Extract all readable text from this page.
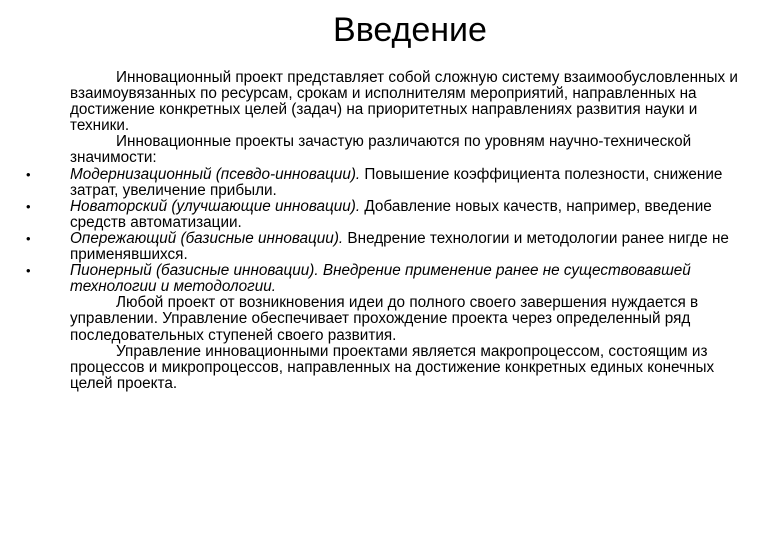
Введение

Инновационный проект представляет собой сложную систему взаимообусловленных и взаимоувязанных по ресурсам, срокам и исполнителям мероприятий, направленных на достижение конкретных целей (задач) на приоритетных направлениях развития науки и техники.

Инновационные проекты зачастую различаются по уровням научно-технической значимости:

•	Модернизационный (псевдо-инновации). Повышение коэффициента полезности, снижение затрат, увеличение прибыли.

•	Новаторский (улучшающие инновации). Добавление новых качеств, например, введение средств автоматизации.

•	Опережающий (базисные инновации). Внедрение технологии и методологии ранее нигде не применявшихся.

•	Пионерный (базисные инновации). Внедрение применение ранее не существовавшей технологии и методологии.

Любой проект от возникновения идеи до полного своего завершения нуждается в управлении. Управление обеспечивает прохождение проекта через определенный ряд последовательных ступеней своего развития.

Управление инновационными проектами является макропроцессом, состоящим из процессов и микропроцессов, направленных на достижение конкретных единых конечных целей проекта.
